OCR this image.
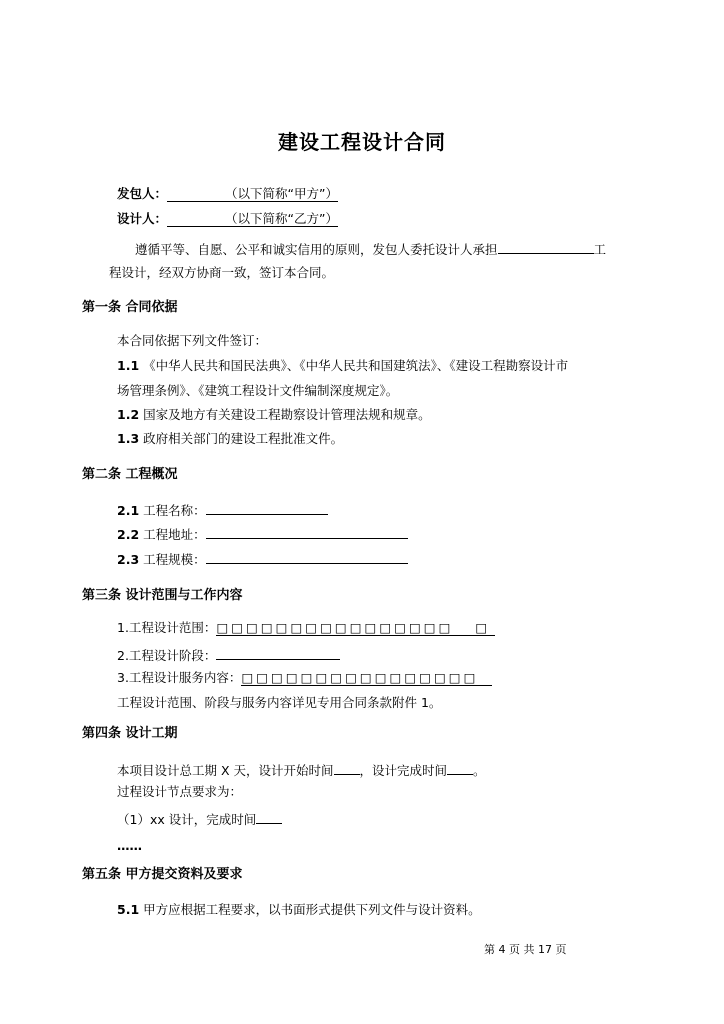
建设工程设计合同
发包人：	（以下简称“甲方”）
设计人：	（以下简称“乙方”）
遵循平等、自愿、公平和诚实信用的原则，发包人委托设计人承担	工
程设计，经双方协商一致，签订本合同。
第一条 合同依据
本合同依据下列文件签订：
1.1 《中华人民共和国民法典》、《中华人民共和国建筑法》、《建设工程勘察设计市
场管理条例》、《建筑工程设计文件编制深度规定》。
1.2 国家及地方有关建设工程勘察设计管理法规和规章。
1.3 政府相关部门的建设工程批准文件。
第二条 工程概况
2.1 工程名称：
2.2 工程地址：
2.3 工程规模：
第三条 设计范围与工作内容
1.工程设计范围：□□□□□□□□□□□□□□□□ □
2.工程设计阶段：
3.工程设计服务内容：□□□□□□□□□□□□□□□□
工程设计范围、阶段与服务内容详见专用合同条款附件 1。
第四条 设计工期
本项目设计总工期 X 天，设计开始时间 ，设计完成时间 。
过程设计节点要求为：
（1）xx 设计，完成时间
……
第五条 甲方提交资料及要求
5.1 甲方应根据工程要求，以书面形式提供下列文件与设计资料。
第 4 页 共 17 页
